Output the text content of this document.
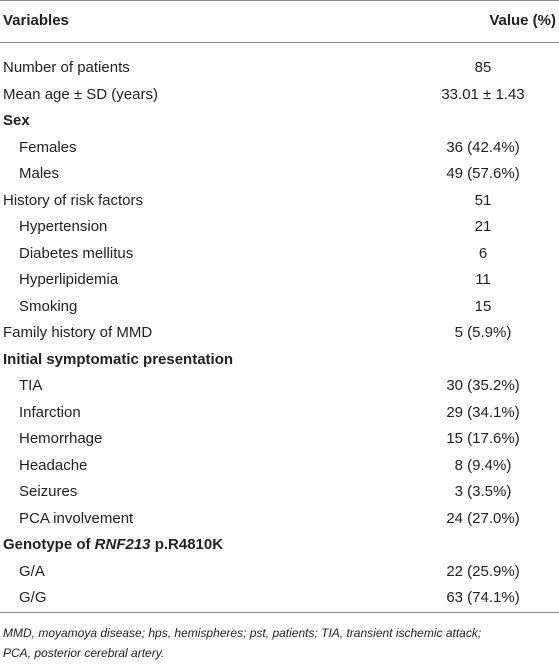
Variables	Value (%)
Number of patients	85
Mean age ± SD (years)	33.01 ± 1.43
Sex
Females	36 (42.4%)
Males	49 (57.6%)
History of risk factors	51
Hypertension	21
Diabetes mellitus	6
Hyperlipidemia	11
Smoking	15
Family history of MMD	5 (5.9%)
Initial symptomatic presentation
TIA	30 (35.2%)
Infarction	29 (34.1%)
Hemorrhage	15 (17.6%)
Headache	8 (9.4%)
Seizures	3 (3.5%)
PCA involvement	24 (27.0%)
Genotype of RNF213 p.R4810K
G/A	22 (25.9%)
G/G	63 (74.1%)
MMD, moyamoya disease; hps, hemispheres; pst, patients; TIA, transient ischemic attack;
PCA, posterior cerebral artery.
